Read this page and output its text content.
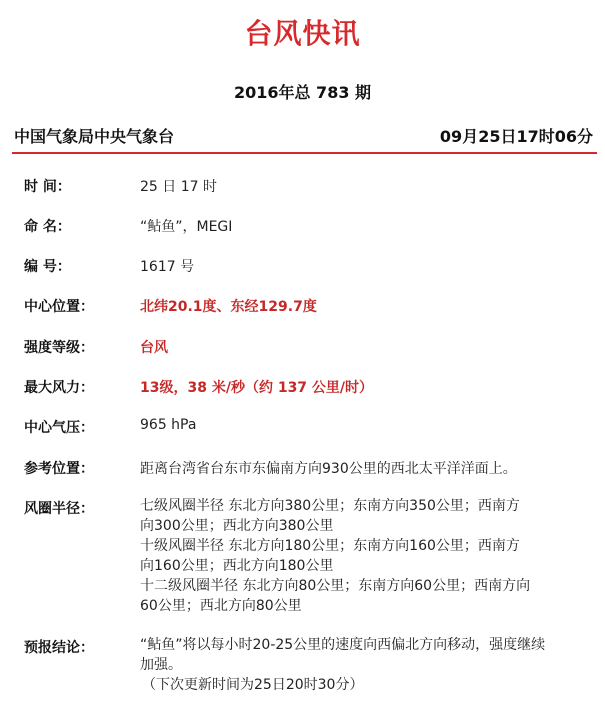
台风快讯
2016年总 783 期
中国气象局中央气象台	09月25日17时06分
时 间：	25 日 17 时
命 名：	“鲇鱼”，MEGI
编 号：	1617 号
中心位置：	北纬20.1度、东经129.7度
强度等级：	台风
最大风力：	13级，38 米/秒（约 137 公里/时）
中心气压：	965 hPa
参考位置：	距离台湾省台东市东偏南方向930公里的西北太平洋洋面上。
风圈半径：	七级风圈半径 东北方向380公里；东南方向350公里；西南方
向300公里；西北方向380公里
十级风圈半径 东北方向180公里；东南方向160公里；西南方
向160公里；西北方向180公里
十二级风圈半径 东北方向80公里；东南方向60公里；西南方向
60公里；西北方向80公里
预报结论：	“鲇鱼”将以每小时20-25公里的速度向西偏北方向移动，强度继续
加强。
（下次更新时间为25日20时30分）
